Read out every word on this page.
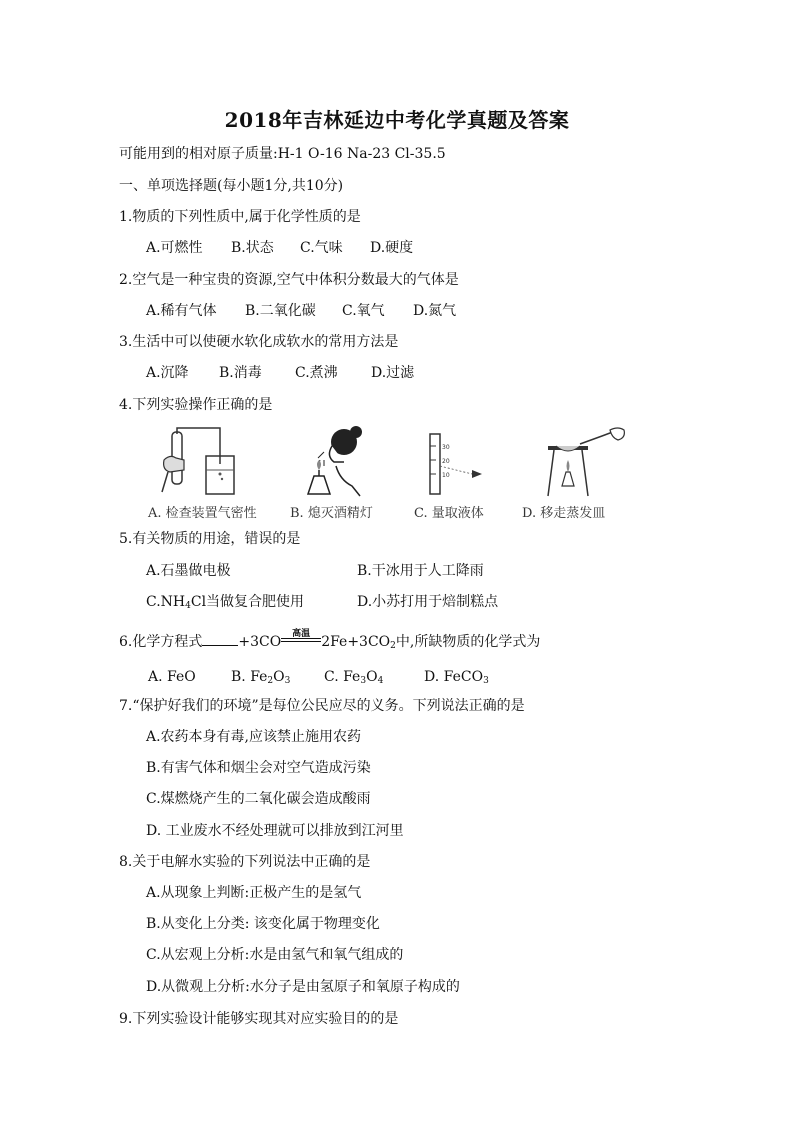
2018年吉林延边中考化学真题及答案
可能用到的相对原子质量:H-1 O-16 Na-23 Cl-35.5
一、单项选择题(每小题1分,共10分)
1.物质的下列性质中,属于化学性质的是
A.可燃性 B.状态 C.气味 D.硬度
2.空气是一种宝贵的资源,空气中体积分数最大的气体是
A.稀有气体 B.二氧化碳 C.氧气 D.氮气
3.生活中可以使硬水软化成软水的常用方法是
A.沉降 B.消毒 C.煮沸 D.过滤
4.下列实验操作正确的是
30
20
10
A. 检查装置气密性	B. 熄灭酒精灯	C. 量取液体	D. 移走蒸发皿
5.有关物质的用途，错误的是
A.石墨做电极	B.干冰用于人工降雨
$C.NH_4Cl$当做复合肥使用	D.小苏打用于焙制糕点
6.化学方程式	+3CO	高温 $2Fe+3CO_2$中,所缺物质的化学式为
A. FeO	B. $Fe_2O_3$ C. $Fe_3O_4$	D. FeCO$_3$
7.“保护好我们的环境”是每位公民应尽的义务。下列说法正确的是
A.农药本身有毒,应该禁止施用农药
B.有害气体和烟尘会对空气造成污染
C.煤燃烧产生的二氧化碳会造成酸雨
D. 工业废水不经处理就可以排放到江河里
8.关于电解水实验的下列说法中正确的是
A.从现象上判断:正极产生的是氢气
B.从变化上分类: 该变化属于物理变化
C.从宏观上分析:水是由氢气和氧气组成的
D.从微观上分析:水分子是由氢原子和氧原子构成的
9.下列实验设计能够实现其对应实验目的的是
